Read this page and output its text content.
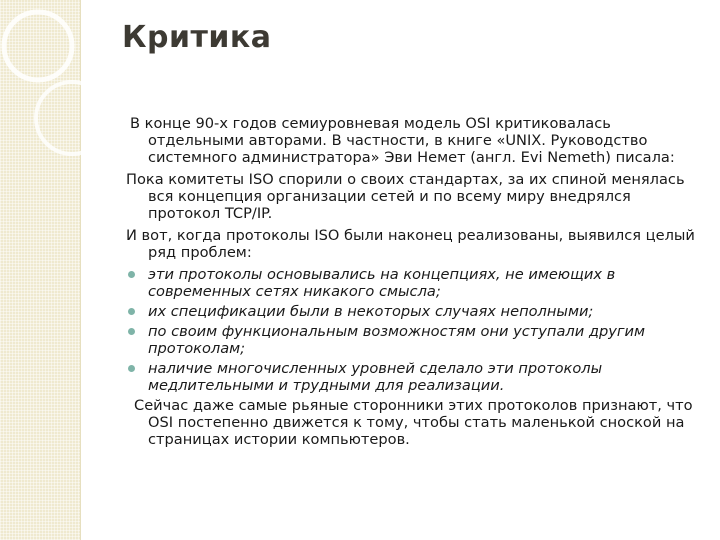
Критика

В конце 90-х годов семиуровневая модель OSI критиковалась отдельными авторами. В частности, в книге «UNIX. Руководство системного администратора» Эви Немет (англ. Evi Nemeth) писала:

Пока комитеты ISO спорили о своих стандартах, за их спиной менялась вся концепция организации сетей и по всему миру внедрялся протокол TCP/IP.

И вот, когда протоколы ISO были наконец реализованы, выявился целый ряд проблем:

эти протоколы основывались на концепциях, не имеющих в современных сетях никакого смысла;
их спецификации были в некоторых случаях неполными;
по своим функциональным возможностям они уступали другим протоколам;
наличие многочисленных уровней сделало эти протоколы медлительными и трудными для реализации.

Сейчас даже самые рьяные сторонники этих протоколов признают, что OSI постепенно движется к тому, чтобы стать маленькой сноской на страницах истории компьютеров.
